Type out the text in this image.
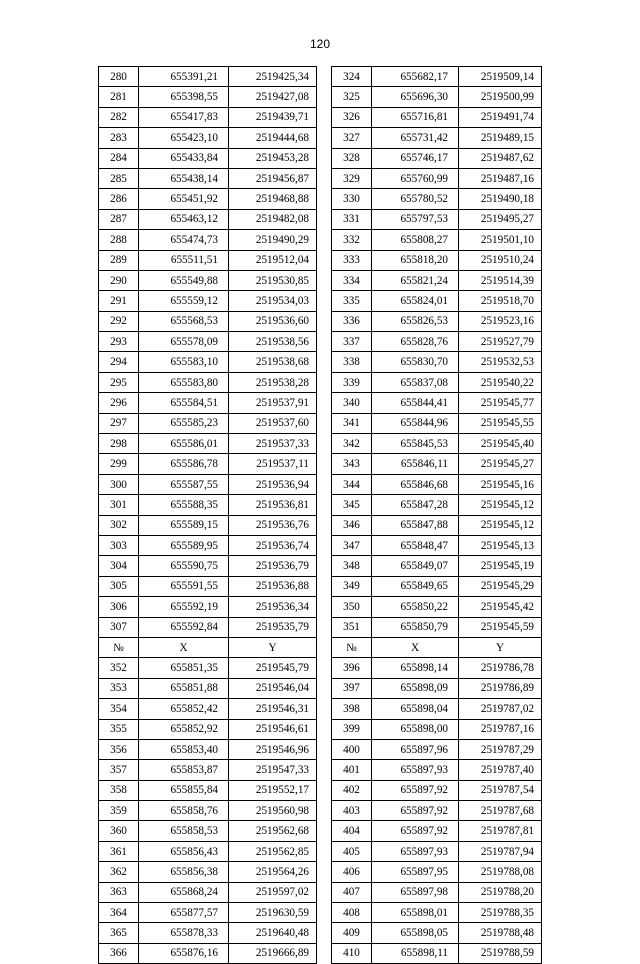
120
280	655391,21	2519425,34		324	655682,17	2519509,14
281	655398,55	2519427,08		325	655696,30	2519500,99
282	655417,83	2519439,71		326	655716,81	2519491,74
283	655423,10	2519444,68		327	655731,42	2519489,15
284	655433,84	2519453,28		328	655746,17	2519487,62
285	655438,14	2519456,87		329	655760,99	2519487,16
286	655451,92	2519468,88		330	655780,52	2519490,18
287	655463,12	2519482,08		331	655797,53	2519495,27
288	655474,73	2519490,29		332	655808,27	2519501,10
289	655511,51	2519512,04		333	655818,20	2519510,24
290	655549,88	2519530,85		334	655821,24	2519514,39
291	655559,12	2519534,03		335	655824,01	2519518,70
292	655568,53	2519536,60		336	655826,53	2519523,16
293	655578,09	2519538,56		337	655828,76	2519527,79
294	655583,10	2519538,68		338	655830,70	2519532,53
295	655583,80	2519538,28		339	655837,08	2519540,22
296	655584,51	2519537,91		340	655844,41	2519545,77
297	655585,23	2519537,60		341	655844,96	2519545,55
298	655586,01	2519537,33		342	655845,53	2519545,40
299	655586,78	2519537,11		343	655846,11	2519545,27
300	655587,55	2519536,94		344	655846,68	2519545,16
301	655588,35	2519536,81		345	655847,28	2519545,12
302	655589,15	2519536,76		346	655847,88	2519545,12
303	655589,95	2519536,74		347	655848,47	2519545,13
304	655590,75	2519536,79		348	655849,07	2519545,19
305	655591,55	2519536,88		349	655849,65	2519545,29
306	655592,19	2519536,34		350	655850,22	2519545,42
307	655592,84	2519535,79		351	655850,79	2519545,59
№	X	Y		№	X	Y
352	655851,35	2519545,79		396	655898,14	2519786,78
353	655851,88	2519546,04		397	655898,09	2519786,89
354	655852,42	2519546,31		398	655898,04	2519787,02
355	655852,92	2519546,61		399	655898,00	2519787,16
356	655853,40	2519546,96		400	655897,96	2519787,29
357	655853,87	2519547,33		401	655897,93	2519787,40
358	655855,84	2519552,17		402	655897,92	2519787,54
359	655858,76	2519560,98		403	655897,92	2519787,68
360	655858,53	2519562,68		404	655897,92	2519787,81
361	655856,43	2519562,85		405	655897,93	2519787,94
362	655856,38	2519564,26		406	655897,95	2519788,08
363	655868,24	2519597,02		407	655897,98	2519788,20
364	655877,57	2519630,59		408	655898,01	2519788,35
365	655878,33	2519640,48		409	655898,05	2519788,48
366	655876,16	2519666,89		410	655898,11	2519788,59
